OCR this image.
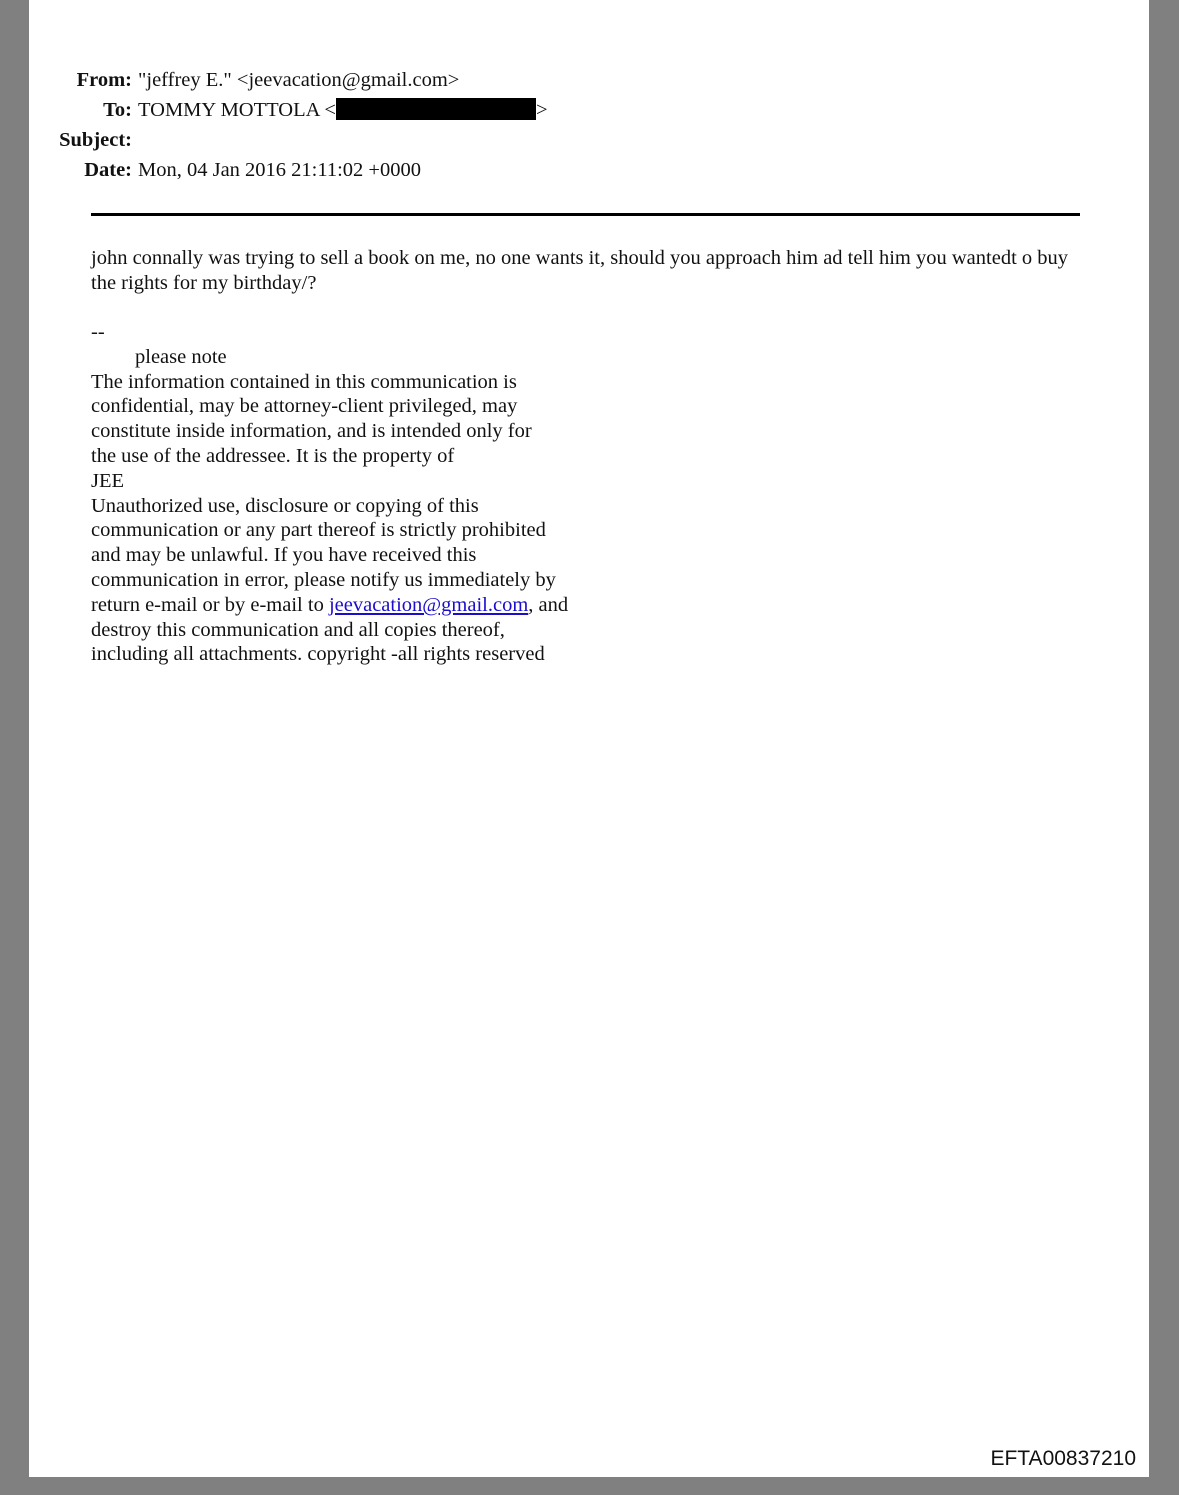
From: "jeffrey E." <jeevacation@gmail.com>
To: TOMMY MOTTOLA <	>
Subject:
Date: Mon, 04 Jan 2016 21:11:02 +0000
john connally was trying to sell a book on me, no one wants it, should you approach him ad tell him you wantedt o buy the rights for my birthday/?
--
please note
The information contained in this communication is
confidential, may be attorney-client privileged, may
constitute inside information, and is intended only for
the use of the addressee. It is the property of
JEE
Unauthorized use, disclosure or copying of this
communication or any part thereof is strictly prohibited
and may be unlawful. If you have received this
communication in error, please notify us immediately by
return e-mail or by e-mail to jeevacation@gmail.com, and
destroy this communication and all copies thereof,
including all attachments. copyright -all rights reserved
EFTA00837210
